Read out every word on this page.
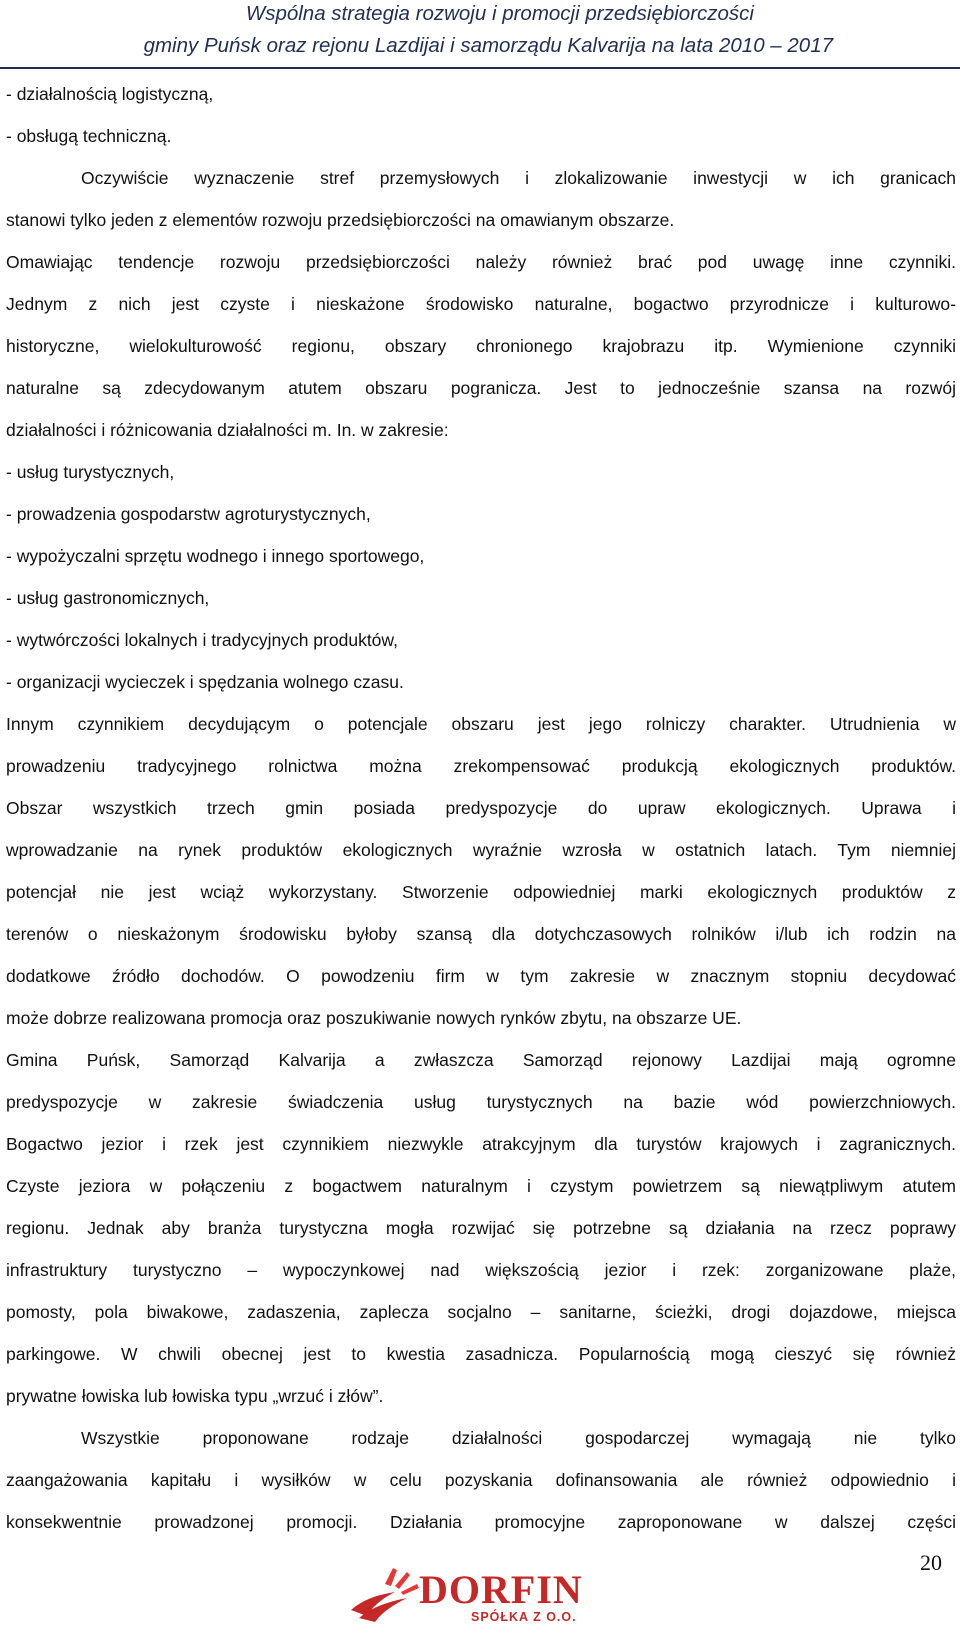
Wspólna strategia rozwoju i promocji przedsiębiorczości
gminy Puńsk oraz rejonu Lazdijai i samorządu Kalvarija na lata 2010 – 2017
- działalnością logistyczną,
- obsługą techniczną.
Oczywiście wyznaczenie stref przemysłowych i zlokalizowanie inwestycji w ich granicach
stanowi tylko jeden z elementów rozwoju przedsiębiorczości na omawianym obszarze.
Omawiając tendencje rozwoju przedsiębiorczości należy również brać pod uwagę inne czynniki.
Jednym z nich jest czyste i nieskażone środowisko naturalne, bogactwo przyrodnicze i kulturowo-
historyczne, wielokulturowość regionu, obszary chronionego krajobrazu itp. Wymienione czynniki
naturalne są zdecydowanym atutem obszaru pogranicza. Jest to jednocześnie szansa na rozwój
działalności i różnicowania działalności m. In. w zakresie:
- usług turystycznych,
- prowadzenia gospodarstw agroturystycznych,
- wypożyczalni sprzętu wodnego i innego sportowego,
- usług gastronomicznych,
- wytwórczości lokalnych i tradycyjnych produktów,
- organizacji wycieczek i spędzania wolnego czasu.
Innym czynnikiem decydującym o potencjale obszaru jest jego rolniczy charakter. Utrudnienia w
prowadzeniu tradycyjnego rolnictwa można zrekompensować produkcją ekologicznych produktów.
Obszar wszystkich trzech gmin posiada predyspozycje do upraw ekologicznych. Uprawa i
wprowadzanie na rynek produktów ekologicznych wyraźnie wzrosła w ostatnich latach. Tym niemniej
potencjał nie jest wciąż wykorzystany. Stworzenie odpowiedniej marki ekologicznych produktów z
terenów o nieskażonym środowisku byłoby szansą dla dotychczasowych rolników i/lub ich rodzin na
dodatkowe źródło dochodów. O powodzeniu firm w tym zakresie w znacznym stopniu decydować
może dobrze realizowana promocja oraz poszukiwanie nowych rynków zbytu, na obszarze UE.
Gmina Puńsk, Samorząd Kalvarija a zwłaszcza Samorząd rejonowy Lazdijai mają ogromne
predyspozycje w zakresie świadczenia usług turystycznych na bazie wód powierzchniowych.
Bogactwo jezior i rzek jest czynnikiem niezwykle atrakcyjnym dla turystów krajowych i zagranicznych.
Czyste jeziora w połączeniu z bogactwem naturalnym i czystym powietrzem są niewątpliwym atutem
regionu. Jednak aby branża turystyczna mogła rozwijać się potrzebne są działania na rzecz poprawy
infrastruktury turystyczno – wypoczynkowej nad większością jezior i rzek: zorganizowane plaże,
pomosty, pola biwakowe, zadaszenia, zaplecza socjalno – sanitarne, ścieżki, drogi dojazdowe, miejsca
parkingowe. W chwili obecnej jest to kwestia zasadnicza. Popularnością mogą cieszyć się również
prywatne łowiska lub łowiska typu „wrzuć i złów”.
Wszystkie proponowane rodzaje działalności gospodarczej wymagają nie tylko
zaangażowania kapitału i wysiłków w celu pozyskania dofinansowania ale również odpowiednio i
konsekwentnie prowadzonej promocji. Działania promocyjne zaproponowane w dalszej części
20
DORFIN
SPÓŁKA Z O.O.
